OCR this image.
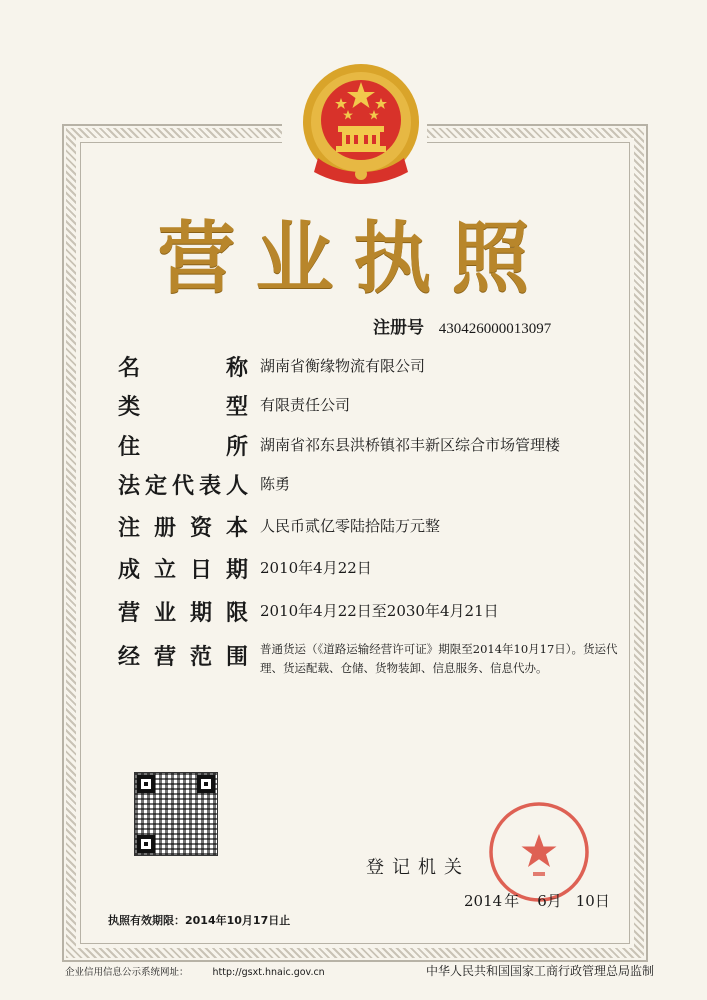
营业执照
注册号 430426000013097
名	称 湖南省衡缘物流有限公司
类	型 有限责任公司
住	所 湖南省祁东县洪桥镇祁丰新区综合市场管理楼
法 定 代 表 人 陈勇
注 册 资 本 人民币贰亿零陆拾陆万元整
成 立 日 期 2010年4月22日
营 业 期 限 2010年4月22日至2030年4月21日
经 营 范 围 普通货运（《道路运输经营许可证》期限至2014年10月17日）。货运代理、货运配载、仓储、货物装卸、信息服务、信息代办。
登记机关
2014 年 6月 10日
执照有效期限：2014年10月17日止
企业信用信息公示系统网址：	http://gsxt.hnaic.gov.cn	中华人民共和国国家工商行政管理总局监制
